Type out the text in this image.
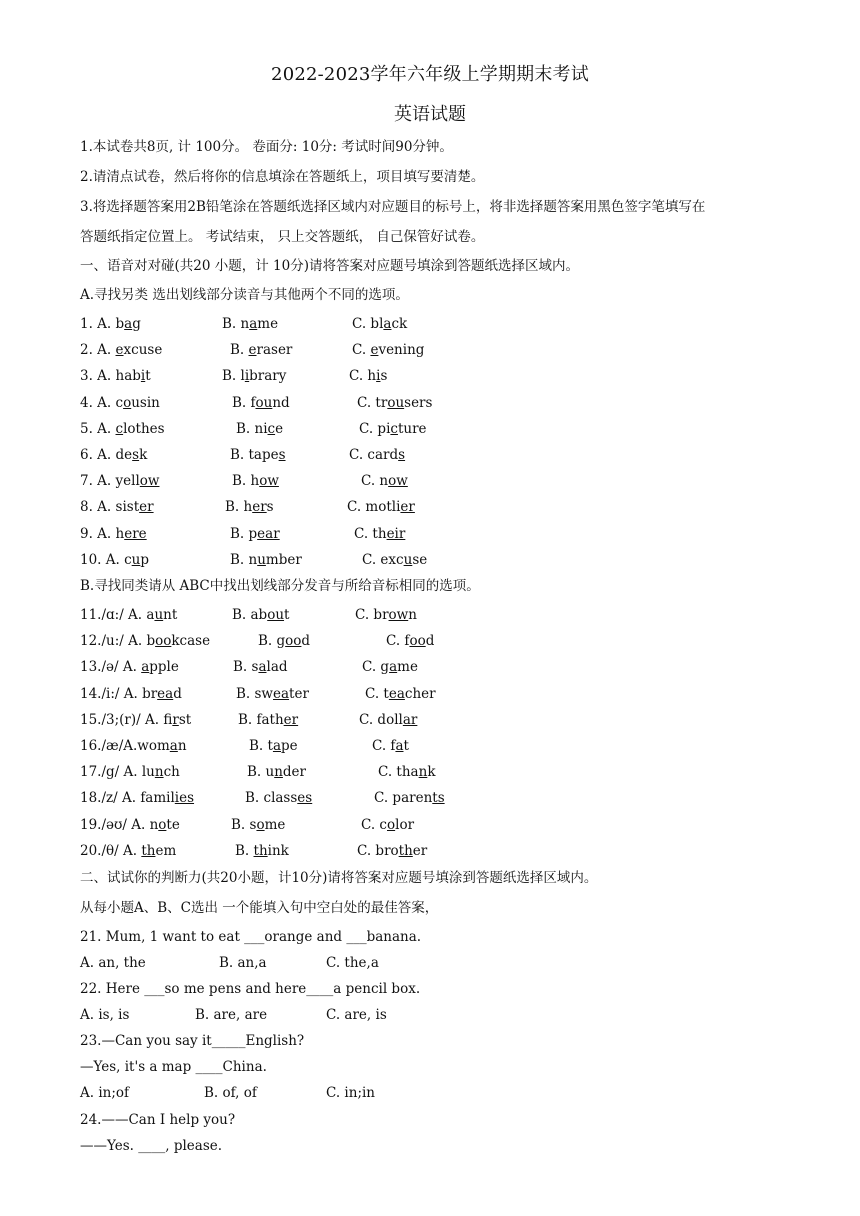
2022-2023学年六年级上学期期末考试
英语试题
1.本试卷共8页, 计 100分。 卷面分: 10分: 考试时间90分钟。
2.请清点试卷，然后将你的信息填涂在答题纸上，项目填写要清楚。
3.将选择题答案用2B铅笔涂在答题纸选择区域内对应题目的标号上，将非选择题答案用黑色签字笔填写在
答题纸指定位置上。 考试结束， 只上交答题纸， 自己保管好试卷。
一、语音对对碰(共20 小题，计 10分)请将答案对应题号填涂到答题纸选择区域内。
A.寻找另类 选出划线部分读音与其他两个不同的选项。
1. A. bag	B. name	C. black
2. A. excuse	B. eraser	C. evening
3. A. habit	B. library	C. his
4. A. cousin	B. found	C. trousers
5. A. clothes	B. nice	C. picture
6. A. desk	B. tapes	C. cards
7. A. yellow	B. how	C. now
8. A. sister	B. hers	C. motlier
9. A. here	B. pear	C. their
10. A. cup	B. number	C. excuse
B.寻找同类请从 ABC中找出划线部分发音与所给音标相同的选项。
11./ɑ:/ A. aunt	B. about	C. brown
12./u:/ A. bookcase	B. good	C. food
13./ə/ A. apple	B. salad	C. game
14./i:/ A. bread	B. sweater	C. teacher
15./3;(r)/ A. first	B. father	C. dollar
16./æ/A.woman	B. tape	C. fat
17./g/ A. lunch	B. under	C. thank
18./z/ A. families	B. classes	C. parents
19./əʊ/ A. note	B. some	C. color
20./θ/ A. them	B. think	C. brother
二、试试你的判断力(共20小题，计10分)请将答案对应题号填涂到答题纸选择区域内。
从每小题A、B、C选出 一个能填入句中空白处的最佳答案，
21. Mum, 1 want to eat ___orange and ___banana.
A. an, the	B. an,a	C. the,a
22. Here ___so me pens and here____a pencil box.
A. is, is	B. are, are	C. are, is
23.—Can you say it_____English?
—Yes, it's a map ____China.
A. in;of	B. of, of	C. in;in
24.——Can I help you?
——Yes. ____, please.
